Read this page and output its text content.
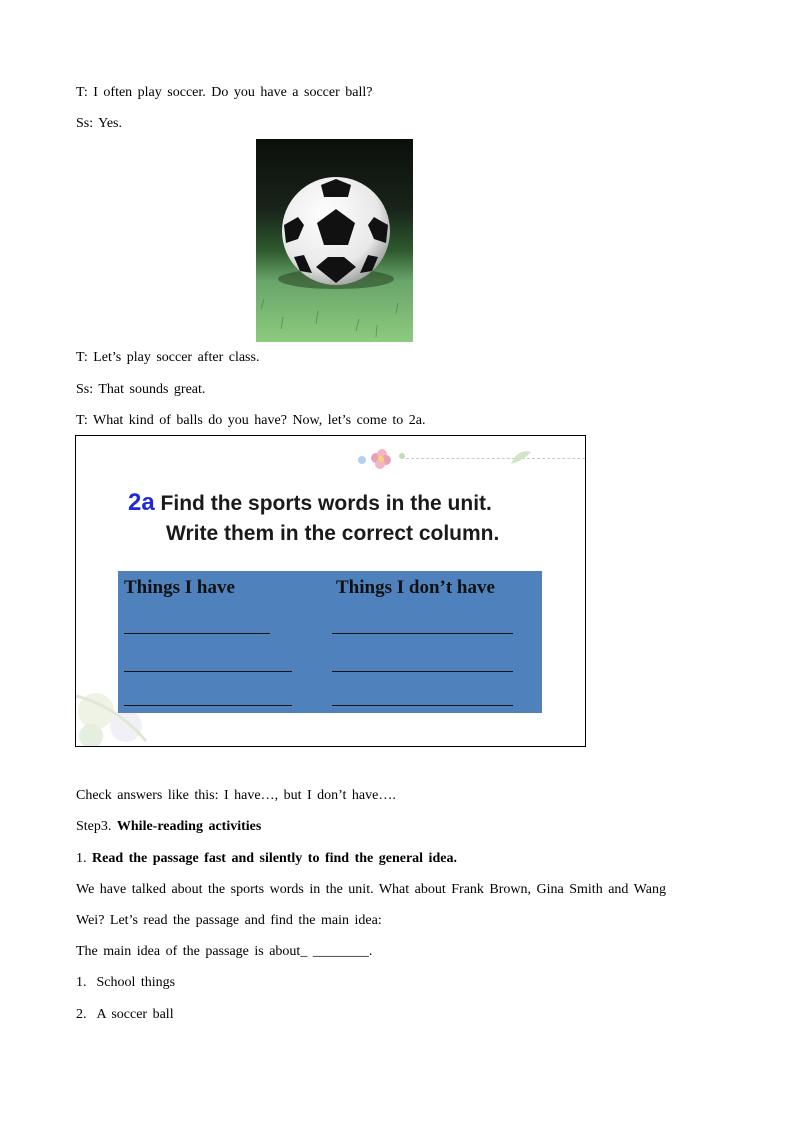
T: I often play soccer. Do you have a soccer ball?
Ss: Yes.
T: Let’s play soccer after class.
Ss: That sounds great.
T: What kind of balls do you have? Now, let’s come to 2a.
2a Find the sports words in the unit.
Write them in the correct column.
Things I have	Things I don’t have
Check answers like this: I have…, but I don’t have….
Step3. While-reading activities
1. Read the passage fast and silently to find the general idea.
We have talked about the sports words in the unit. What about Frank Brown, Gina Smith and Wang
Wei? Let’s read the passage and find the main idea:
The main idea of the passage is about_ ________.
1. School things
2. A soccer ball
